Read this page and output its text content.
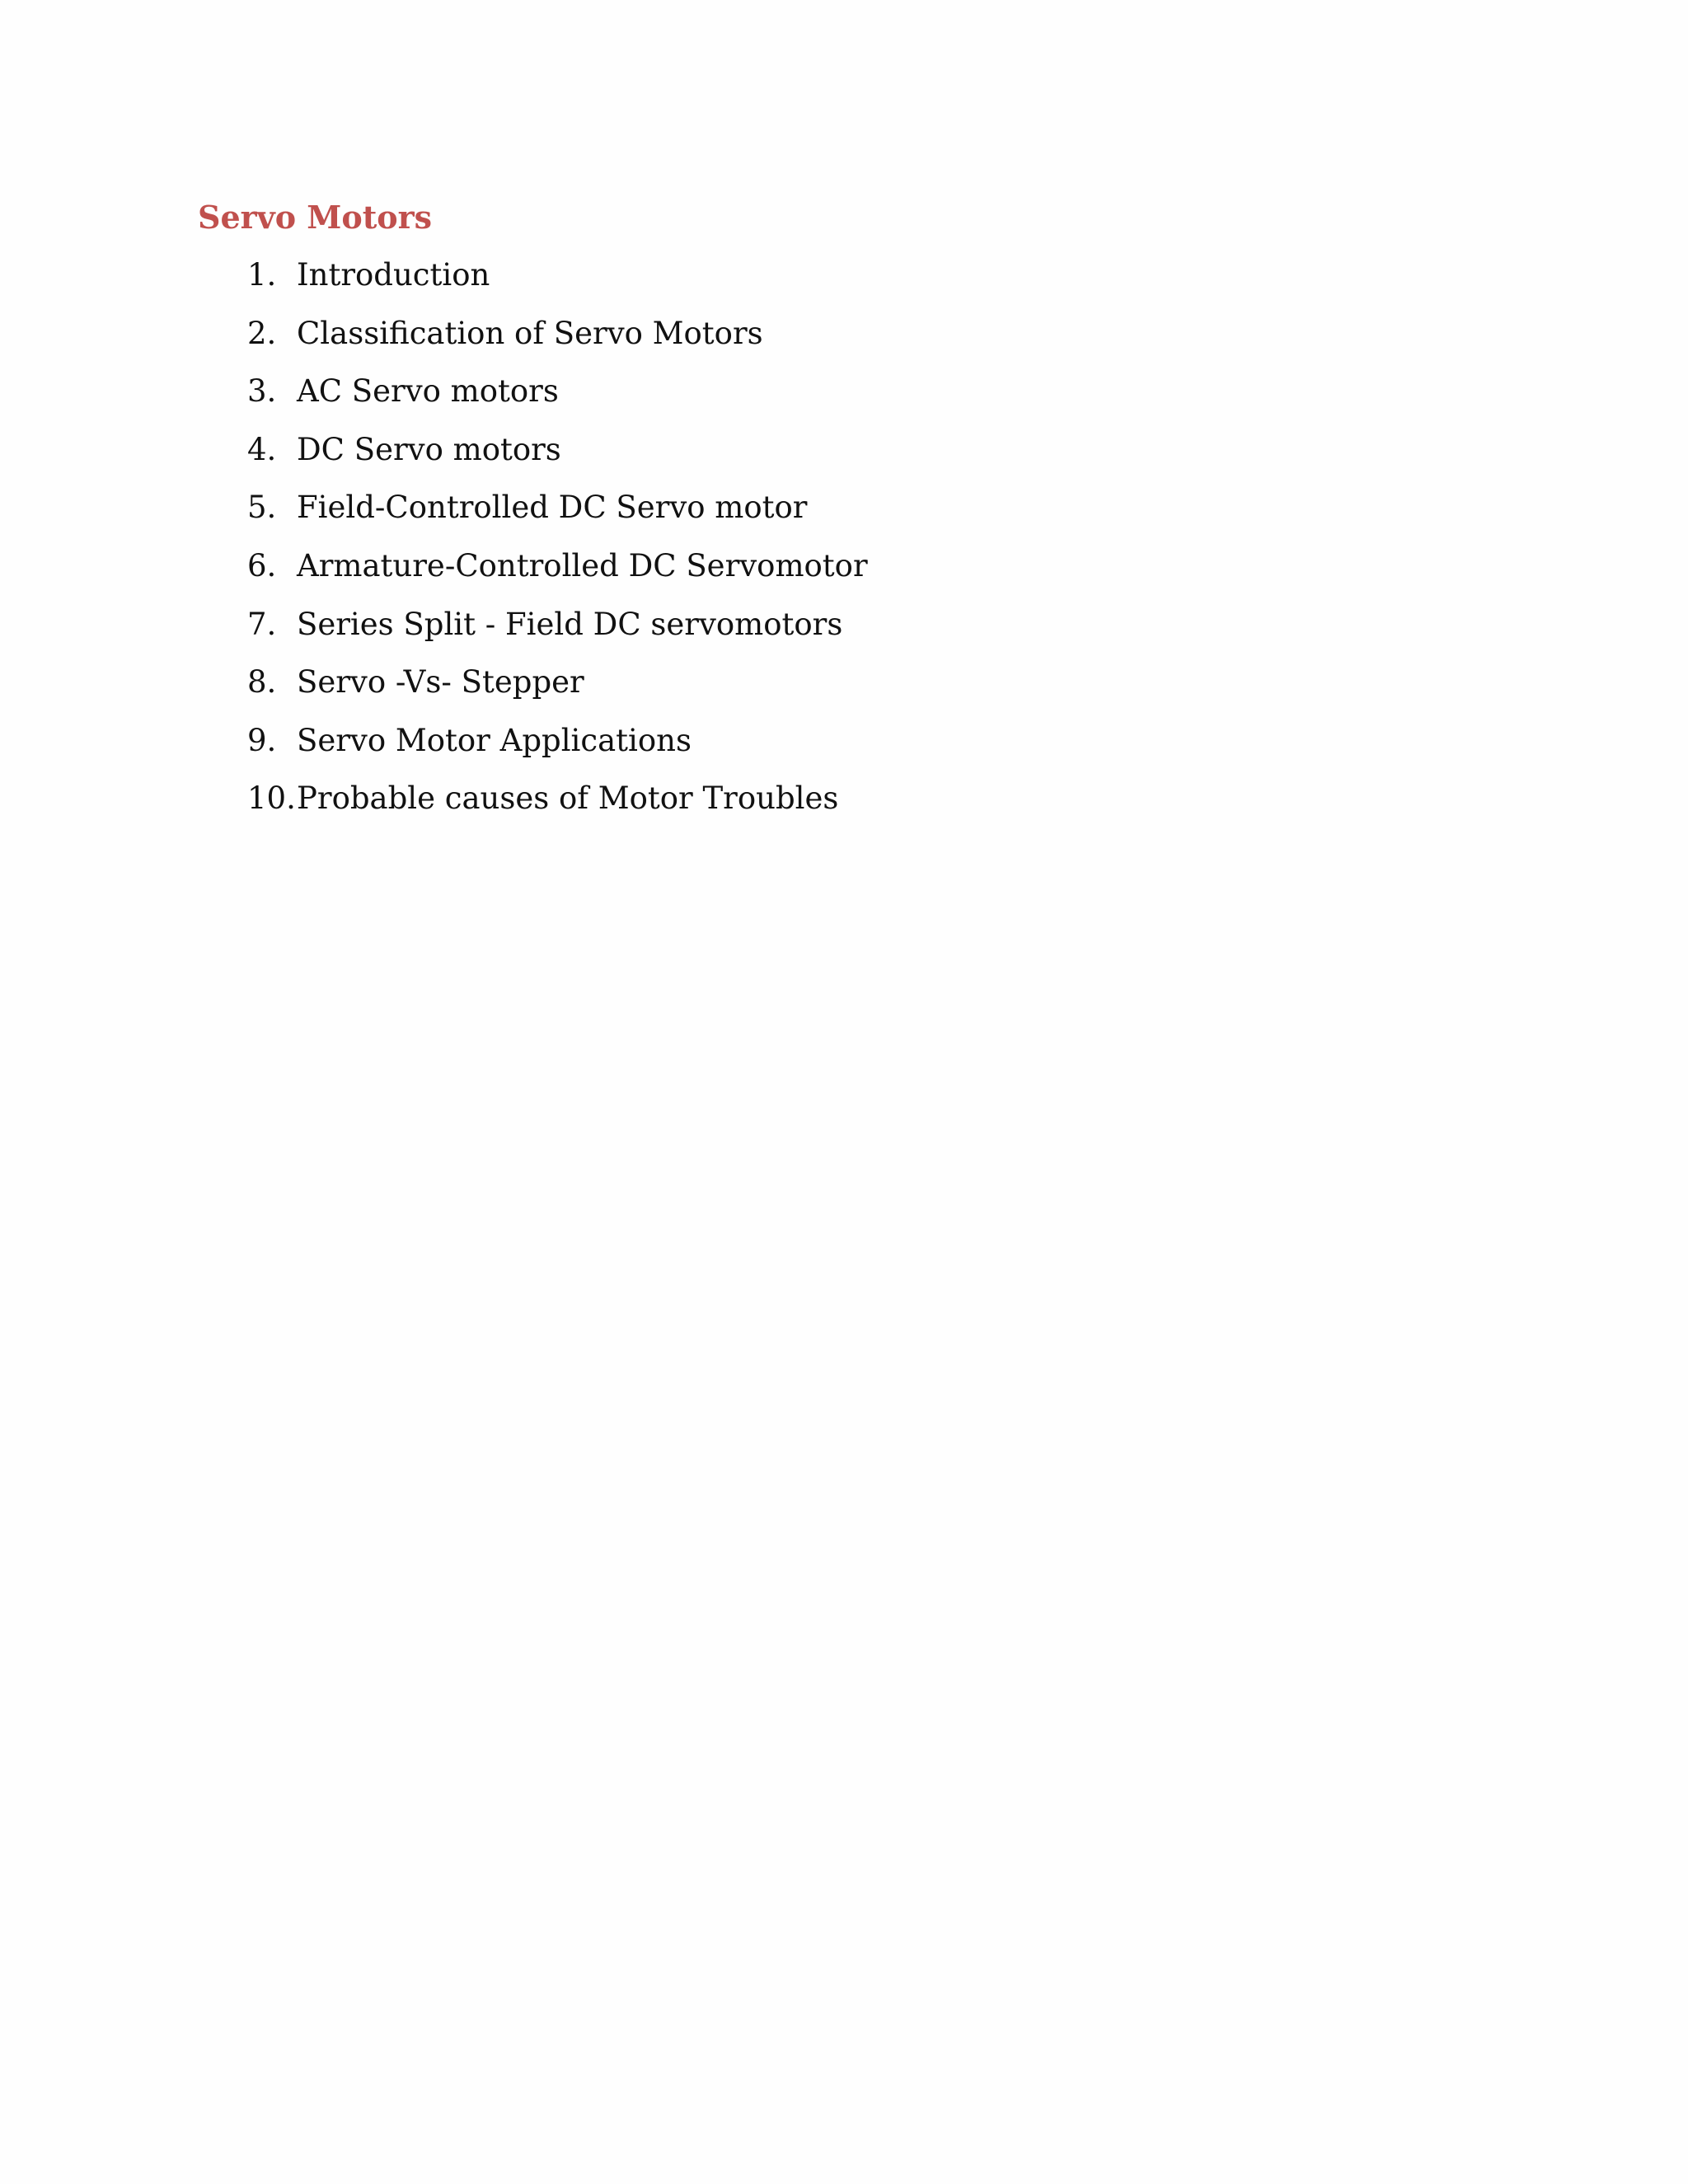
Servo Motors
1. Introduction
2. Classification of Servo Motors
3. AC Servo motors
4. DC Servo motors
5. Field-Controlled DC Servo motor
6. Armature-Controlled DC Servomotor
7. Series Split - Field DC servomotors
8. Servo -Vs- Stepper
9. Servo Motor Applications
10. Probable causes of Motor Troubles
